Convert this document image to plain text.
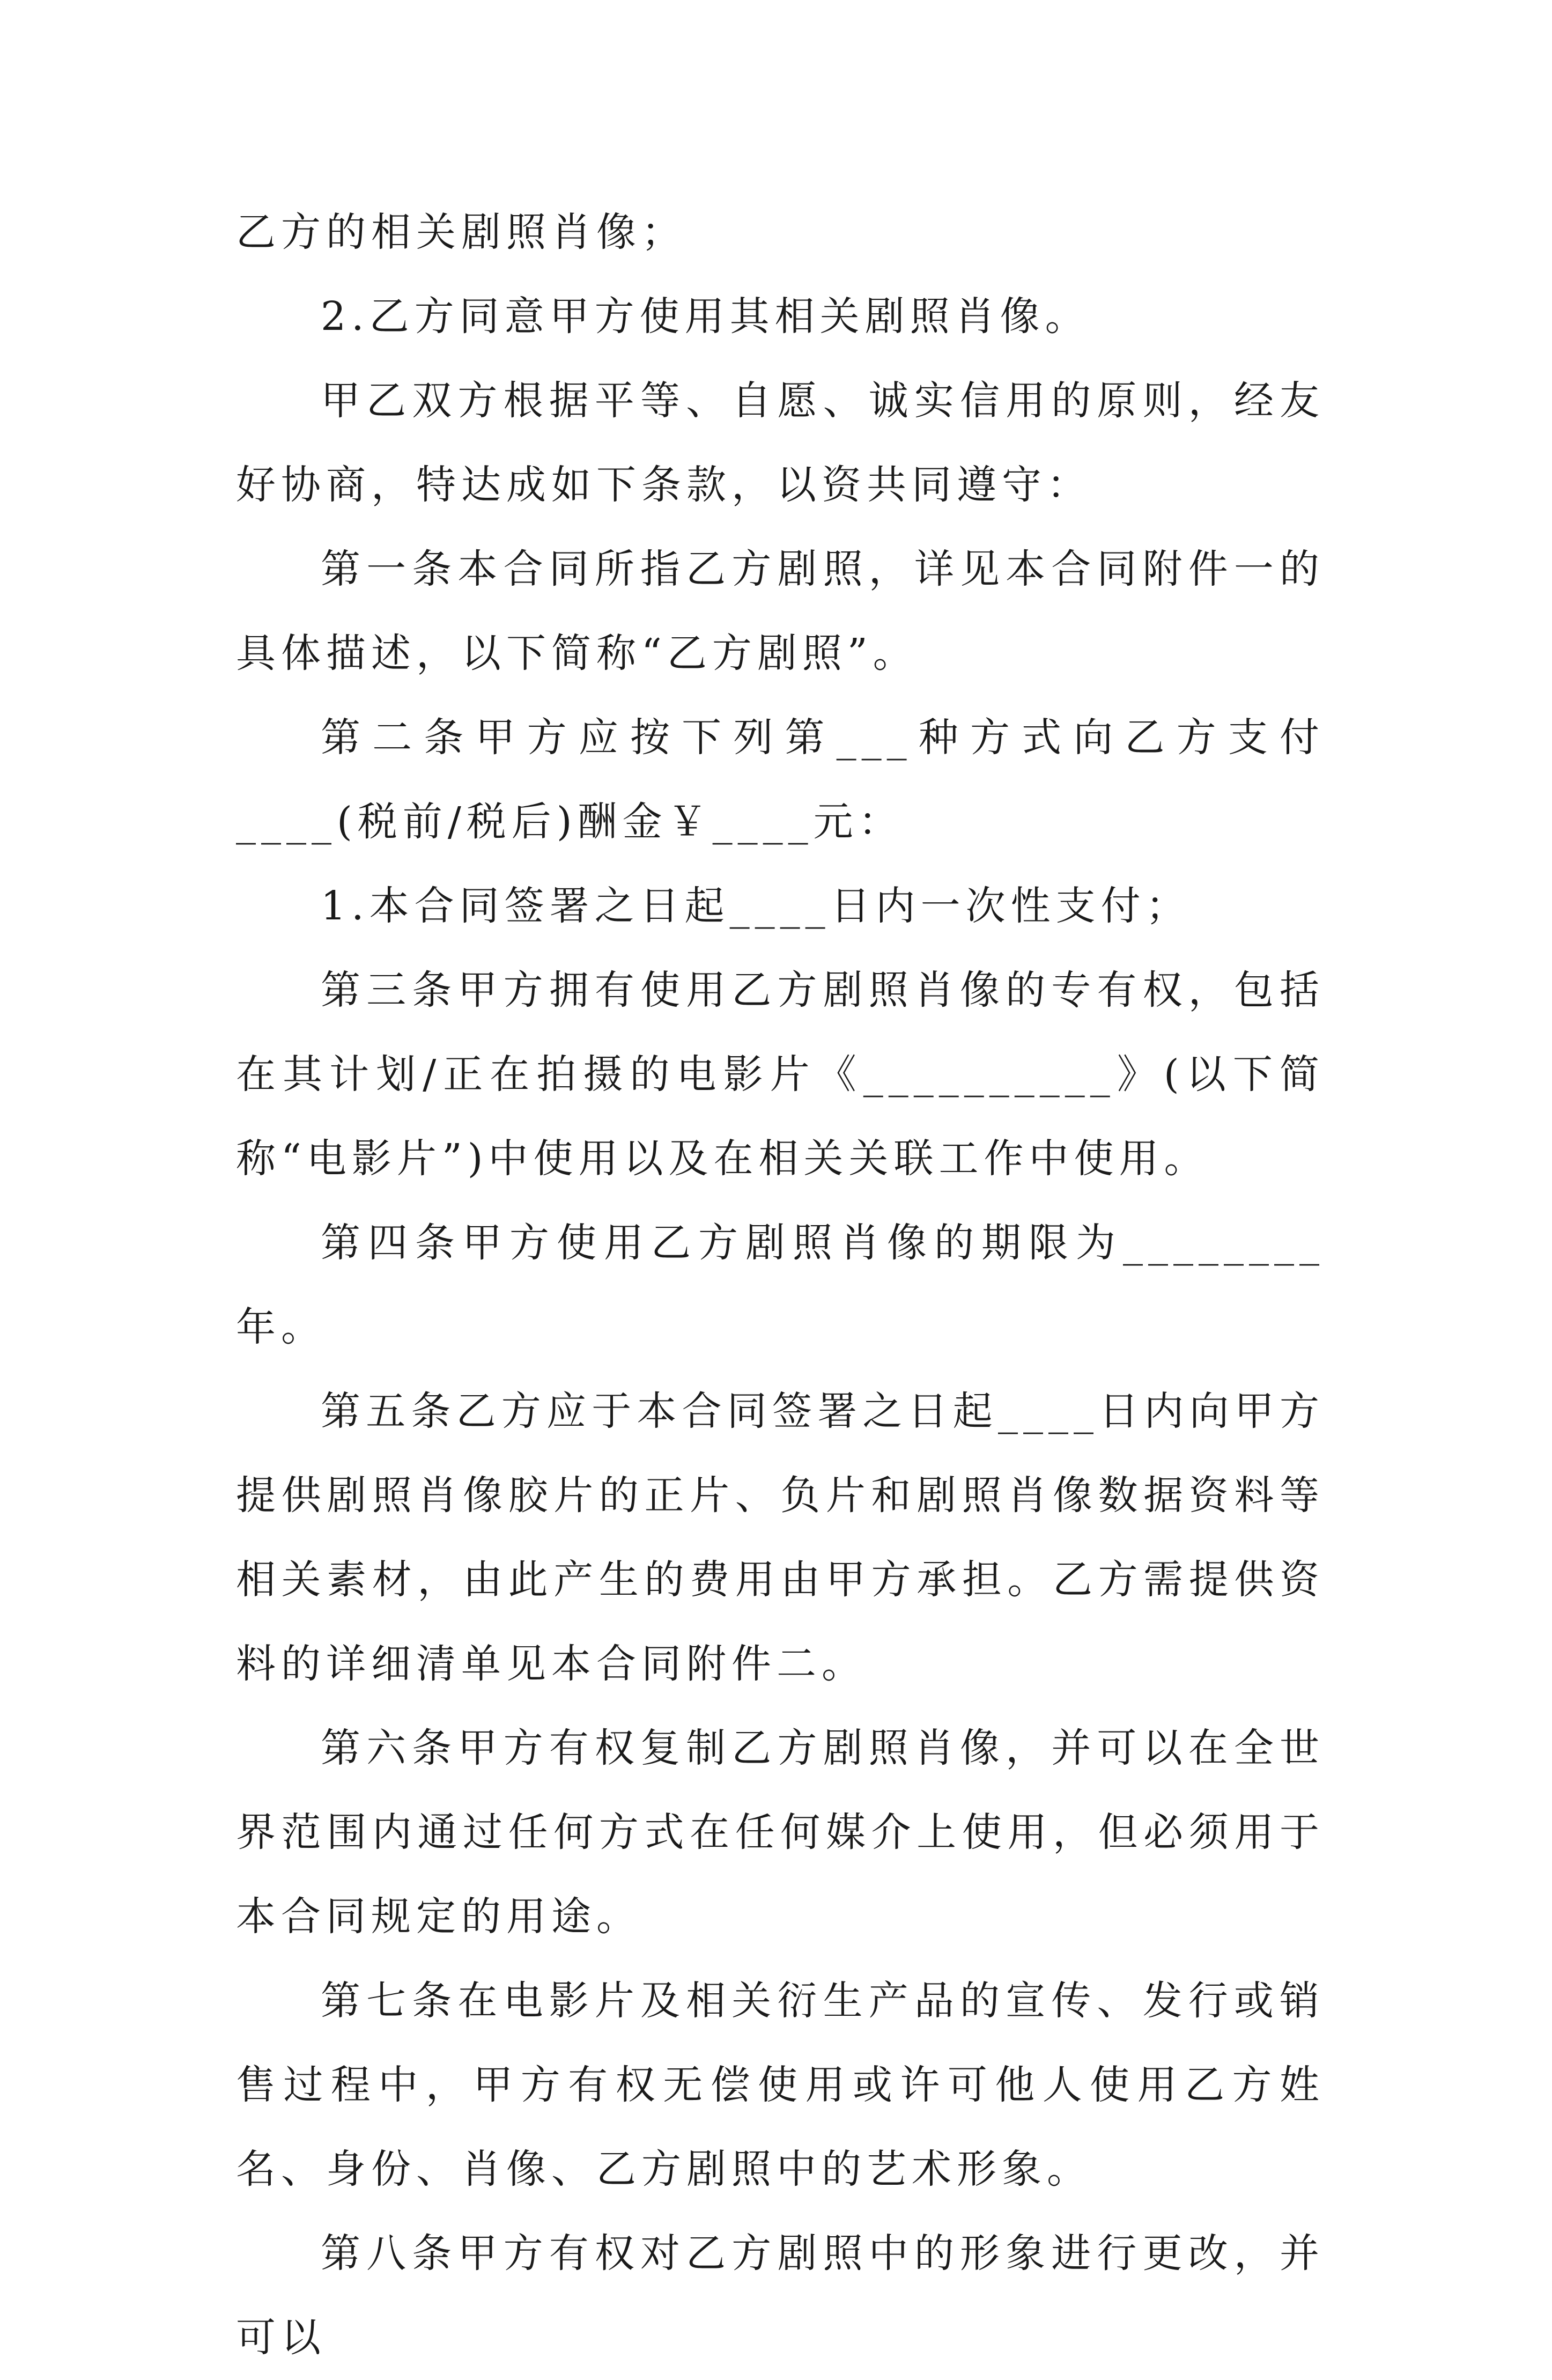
乙方的相关剧照肖像；

2.乙方同意甲方使用其相关剧照肖像。

甲乙双方根据平等、自愿、诚实信用的原则，经友好协商，特达成如下条款，以资共同遵守：

第一条本合同所指乙方剧照，详见本合同附件一的具体描述，以下简称“乙方剧照”。

第二条甲方应按下列第___种方式向乙方支付____(税前/税后)酬金￥____元：

1.本合同签署之日起____日内一次性支付；

第三条甲方拥有使用乙方剧照肖像的专有权，包括在其计划/正在拍摄的电影片《__________》(以下简称“电影片”)中使用以及在相关关联工作中使用。

第四条甲方使用乙方剧照肖像的期限为________年。

第五条乙方应于本合同签署之日起____日内向甲方提供剧照肖像胶片的正片、负片和剧照肖像数据资料等相关素材，由此产生的费用由甲方承担。乙方需提供资料的详细清单见本合同附件二。

第六条甲方有权复制乙方剧照肖像，并可以在全世界范围内通过任何方式在任何媒介上使用，但必须用于本合同规定的用途。

第七条在电影片及相关衍生产品的宣传、发行或销售过程中，甲方有权无偿使用或许可他人使用乙方姓名、身份、肖像、乙方剧照中的艺术形象。

第八条甲方有权对乙方剧照中的形象进行更改，并可以
